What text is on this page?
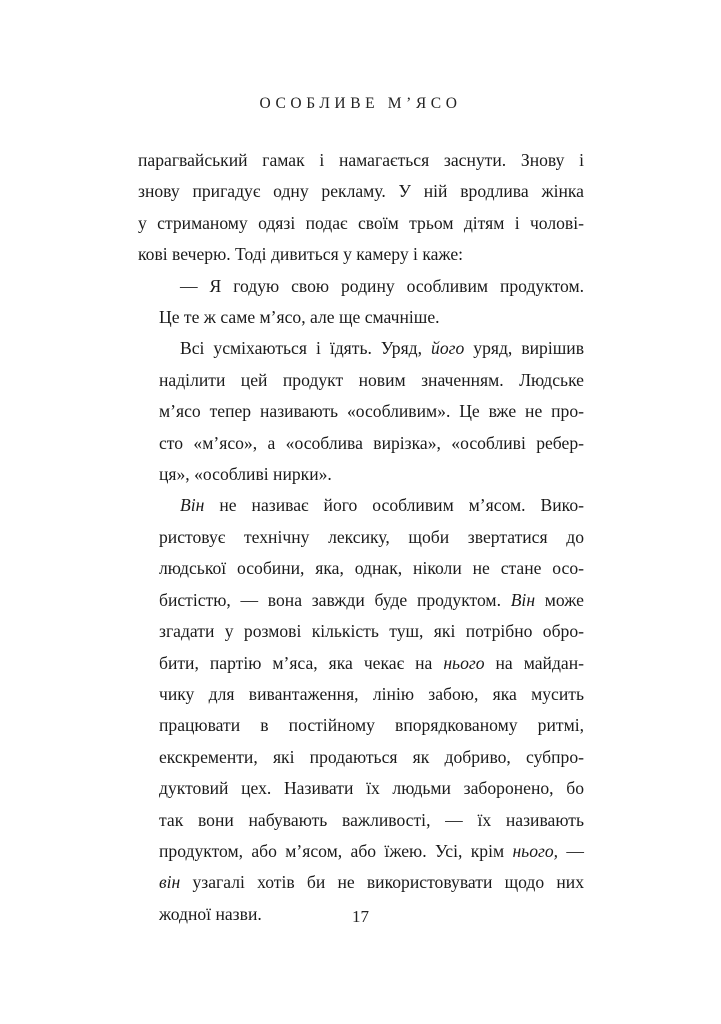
ОСОБЛИВЕ М’ЯСО

парагвайський гамак і намагається заснути. Знову і
знову пригадує одну рекламу. У ній вродлива жінка
у стриманому одязі подає своїм трьом дітям і чолові-
кові вечерю. Тоді дивиться у камеру і каже:

— Я годую свою родину особливим продуктом.
Це те ж саме м’ясо, але ще смачніше.

Всі усміхаються і їдять. Уряд, його уряд, вирішив
наділити цей продукт новим значенням. Людське
м’ясо тепер називають «особливим». Це вже не про-
сто «м’ясо», а «особлива вирізка», «особливі ребер-
ця», «особливі нирки».

Він не називає його особливим м’ясом. Вико-
ристовує технічну лексику, щоби звертатися до
людської особини, яка, однак, ніколи не стане осо-
бистістю, — вона завжди буде продуктом. Він може
згадати у розмові кількість туш, які потрібно обро-
бити, партію м’яса, яка чекає на нього на майдан-
чику для вивантаження, лінію забою, яка мусить
працювати в постійному впорядкованому ритмі,
екскременти, які продаються як добриво, субпро-
дуктовий цех. Називати їх людьми заборонено, бо
так вони набувають важливості, — їх називають
продуктом, або м’ясом, або їжею. Усі, крім нього, —
він узагалі хотів би не використовувати щодо них
жодної назви.	17
